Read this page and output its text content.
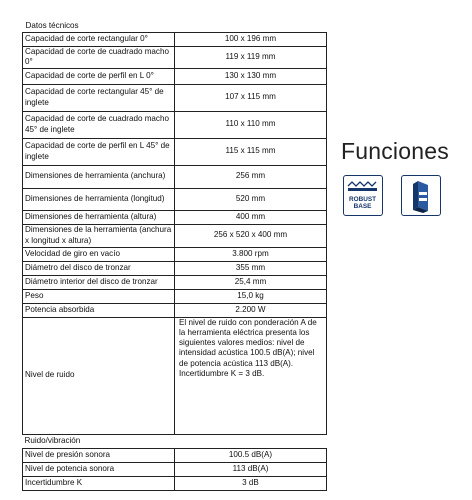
Datos técnicos	
Capacidad de corte rectangular 0°	100 x 196 mm
Capacidad de corte de cuadrado macho 0°	119 x 119 mm
Capacidad de corte de perfil en L 0°	130 x 130 mm
Capacidad de corte rectangular 45° de inglete	107 x 115 mm
Capacidad de corte de cuadrado macho 45° de inglete	110 x 110 mm
Capacidad de corte de perfil en L 45° de inglete	115 x 115 mm
Dimensiones de herramienta (anchura)	256 mm
Dimensiones de herramienta (longitud)	520 mm
Dimensiones de herramienta (altura)	400 mm
Dimensiones de la herramienta (anchura x longitud x altura)	256 x 520 x 400 mm
Velocidad de giro en vacío	3.800 rpm
Diámetro del disco de tronzar	355 mm
Diámetro interior del disco de tronzar	25,4 mm
Peso	15,0 kg
Potencia absorbida	2.200 W
Nivel de ruido	El nivel de ruido con ponderación A de la herramienta eléctrica presenta los siguientes valores medios: nivel de intensidad acústica 100.5 dB(A); nivel de potencia acústica 113 dB(A). Incertidumbre K = 3 dB.
Ruido/vibración	
Nivel de presión sonora	100.5 dB(A)
Nivel de potencia sonora	113 dB(A)
Incertidumbre K	3 dB
Funciones
ROBUST
BASE
